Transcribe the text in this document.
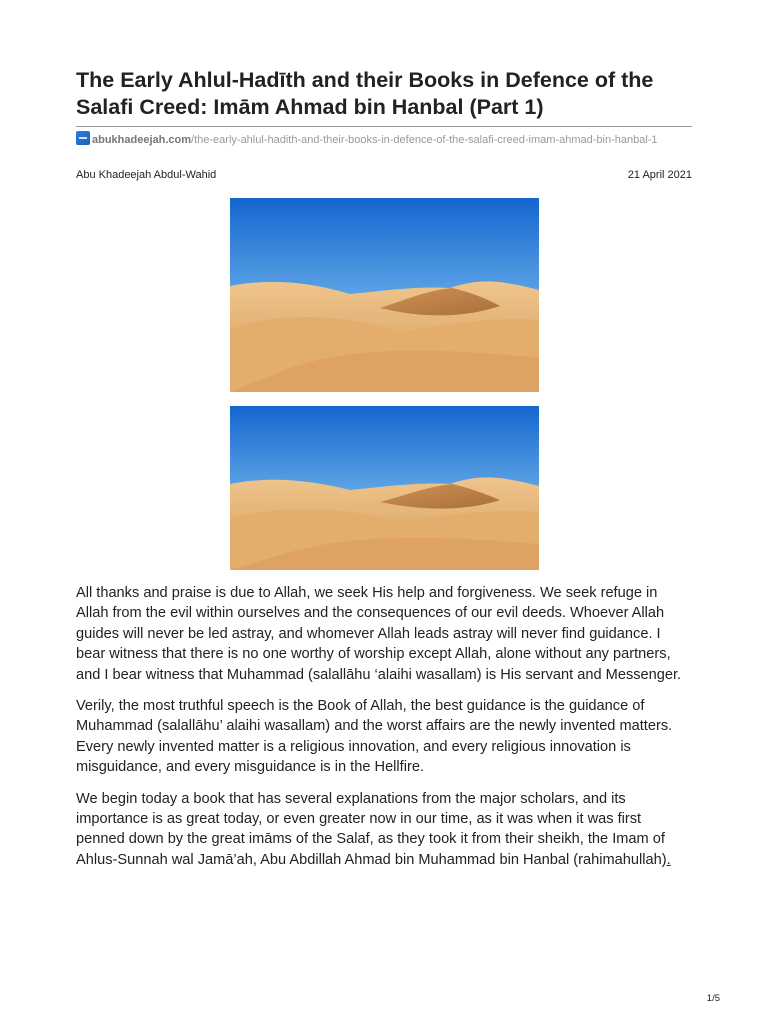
The Early Ahlul-Hadīth and their Books in Defence of the Salafi Creed: Imām Ahmad bin Hanbal (Part 1)
abukhadeejah.com/the-early-ahlul-hadith-and-their-books-in-defence-of-the-salafi-creed-imam-ahmad-bin-hanbal-1
Abu Khadeejah Abdul-Wahid	21 April 2021

All thanks and praise is due to Allah, we seek His help and forgiveness. We seek refuge in Allah from the evil within ourselves and the consequences of our evil deeds. Whoever Allah guides will never be led astray, and whomever Allah leads astray will never find guidance. I bear witness that there is no one worthy of worship except Allah, alone without any partners, and I bear witness that Muhammad (salallāhu ‘alaihi wasallam) is His servant and Messenger.

Verily, the most truthful speech is the Book of Allah, the best guidance is the guidance of Muhammad (salallāhu’ alaihi wasallam) and the worst affairs are the newly invented matters. Every newly invented matter is a religious innovation, and every religious innovation is misguidance, and every misguidance is in the Hellfire.

We begin today a book that has several explanations from the major scholars, and its importance is as great today, or even greater now in our time, as it was when it was first penned down by the great imāms of the Salaf, as they took it from their sheikh, the Imam of Ahlus-Sunnah wal Jamā’ah, Abu Abdillah Ahmad bin Muhammad bin Hanbal (rahimahullah).

1/5
